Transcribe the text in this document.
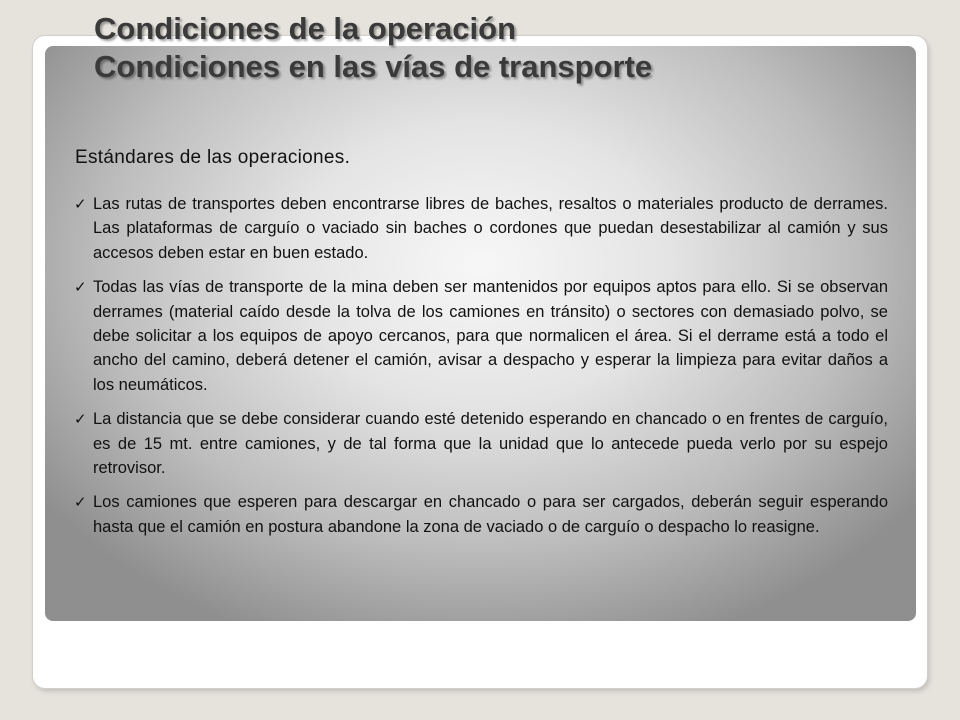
Condiciones de la operación
Condiciones en las vías de transporte
Estándares de las operaciones.
✓ Las rutas de transportes deben encontrarse libres de baches, resaltos o materiales producto de derrames. Las plataformas de carguío o vaciado sin baches o cordones que puedan desestabilizar al camión y sus accesos deben estar en buen estado.
✓ Todas las vías de transporte de la mina deben ser mantenidos por equipos aptos para ello. Si se observan derrames (material caído desde la tolva de los camiones en tránsito) o sectores con demasiado polvo, se debe solicitar a los equipos de apoyo cercanos, para que normalicen el área. Si el derrame está a todo el ancho del camino, deberá detener el camión, avisar a despacho y esperar la limpieza para evitar daños a los neumáticos.
✓ La distancia que se debe considerar cuando esté detenido esperando en chancado o en frentes de carguío, es de 15 mt. entre camiones, y de tal forma que la unidad que lo antecede pueda verlo por su espejo retrovisor.
✓ Los camiones que esperen para descargar en chancado o para ser cargados, deberán seguir esperando hasta que el camión en postura abandone la zona de vaciado o de carguío o despacho lo reasigne.
